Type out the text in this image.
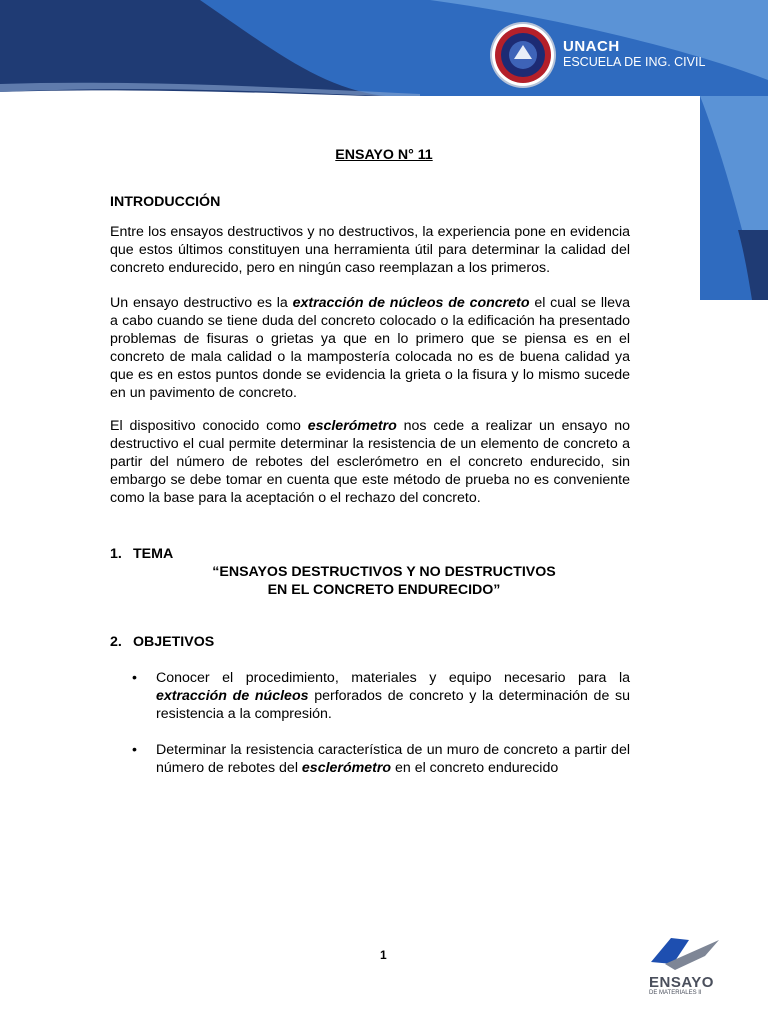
UNACH
ESCUELA DE ING. CIVIL
ENSAYO N° 11
INTRODUCCIÓN

Entre los ensayos destructivos y no destructivos, la experiencia pone en evidencia que estos últimos constituyen una herramienta útil para determinar la calidad del concreto endurecido, pero en ningún caso reemplazan a los primeros.

Un ensayo destructivo es la extracción de núcleos de concreto el cual se lleva a cabo cuando se tiene duda del concreto colocado o la edificación ha presentado problemas de fisuras o grietas ya que en lo primero que se piensa es en el concreto de mala calidad o la mampostería colocada no es de buena calidad ya que es en estos puntos donde se evidencia la grieta o la fisura y lo mismo sucede en un pavimento de concreto.

El dispositivo conocido como esclerómetro nos cede a realizar un ensayo no destructivo el cual permite determinar la resistencia de un elemento de concreto a partir del número de rebotes del esclerómetro en el concreto endurecido, sin embargo se debe tomar en cuenta que este método de prueba no es conveniente como la base para la aceptación o el rechazo del concreto.

1. TEMA
“ENSAYOS DESTRUCTIVOS Y NO DESTRUCTIVOS
EN EL CONCRETO ENDURECIDO”
2. OBJETIVOS
• Conocer el procedimiento, materiales y equipo necesario para la extracción de núcleos perforados de concreto y la determinación de su resistencia a la compresión.
• Determinar la resistencia característica de un muro de concreto a partir del número de rebotes del esclerómetro en el concreto endurecido
1
ENSAYO
DE MATERIALES II
